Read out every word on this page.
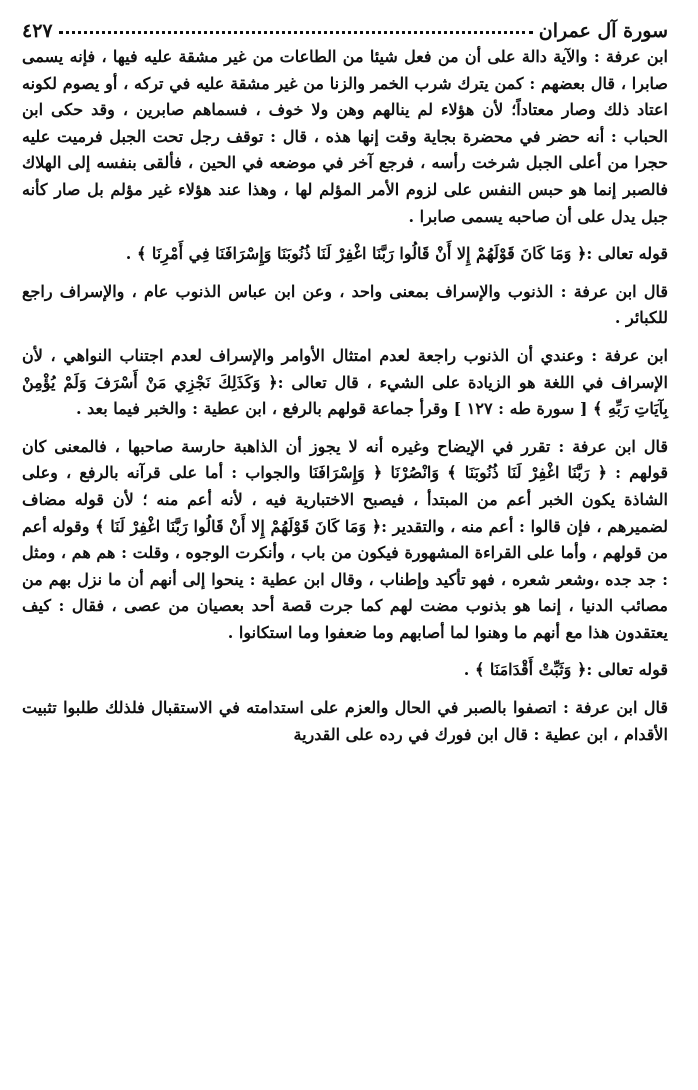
سورة آل عمران
٤٢٧

ابن عرفة : والآية دالة على أن من فعل شيئا من الطاعات من غير مشقة عليه فيها ، فإنه يسمى صابرا ، قال بعضهم : كمن يترك شرب الخمر والزنا من غير مشقة عليه في تركه ، أو يصوم لكونه اعتاد ذلك وصار معتاداً؛ لأن هؤلاء لم ينالهم وهن ولا خوف ، فسماهم صابرين ، وقد حكى ابن الحباب : أنه حضر في محضرة بجاية وقت إنها هذه ، قال : توقف رجل تحت الجبل فرميت عليه حجرا من أعلى الجبل شرخت رأسه ، فرجع آخر في موضعه في الحين ، فألقى بنفسه إلى الهلاك فالصبر إنما هو حبس النفس على لزوم الأمر المؤلم لها ، وهذا عند هؤلاء غير مؤلم بل صار كأنه جبل يدل على أن صاحبه يسمى صابرا .

قوله تعالى :﴿ وَمَا كَانَ قَوْلَهُمْ إِلا أَنْ قَالُوا رَبَّنَا اغْفِرْ لَنَا ذُنُوبَنَا وَإِسْرَافَنَا فِي أَمْرِنَا ﴾ .

قال ابن عرفة : الذنوب والإسراف بمعنى واحد ، وعن ابن عباس الذنوب عام ، والإسراف راجع للكبائر .

ابن عرفة : وعندي أن الذنوب راجعة لعدم امتثال الأوامر والإسراف لعدم اجتناب النواهي ، لأن الإسراف في اللغة هو الزيادة على الشيء ، قال تعالى :﴿ وَكَذَلِكَ نَجْزِي مَنْ أَسْرَفَ وَلَمْ يُؤْمِنْ بِآيَاتِ رَبِّهِ ﴾ [ سورة طه : ١٢٧ ] وقرأ جماعة قولهم بالرفع ، ابن عطية : والخبر فيما بعد .

قال ابن عرفة : تقرر في الإيضاح وغيره أنه لا يجوز أن الذاهبة حارسة صاحبها ، فالمعنى كان قولهم : ﴿ رَبَّنَا اغْفِرْ لَنَا ذُنُوبَنَا ﴾ وَانْصُرْنَا ﴿ وَإِسْرَافَنَا والجواب : أما على قرآنه بالرفع ، وعلى الشاذة يكون الخبر أعم من المبتدأ ، فيصبح الاختبارية فيه ، لأنه أعم منه ؛ لأن قوله مضاف لضميرهم ، فإن قالوا : أعم منه ، والتقدير :﴿ وَمَا كَانَ قَوْلَهُمْ إِلا أَنْ قَالُوا رَبَّنَا اغْفِرْ لَنَا ﴾ وقوله أعم من قولهم ، وأما على القراءة المشهورة فيكون من باب ، وأنكرت الوجوه ، وقلت : هم هم ، ومثل : جد جده ،وشعر شعره ، فهو تأكيد وإطناب ، وقال ابن عطية : ينحوا إلى أنهم أن ما نزل بهم من مصائب الدنيا ، إنما هو بذنوب مضت لهم كما جرت قصة أحد بعصيان من عصى ، فقال : كيف يعتقدون هذا مع أنهم ما وهنوا لما أصابهم وما ضعفوا وما استكانوا .

قوله تعالى :﴿ وَثَبِّتْ أَقْدَامَنَا ﴾ .

قال ابن عرفة : اتصفوا بالصبر في الحال والعزم على استدامته في الاستقبال فلذلك طلبوا تثبيت الأقدام ، ابن عطية : قال ابن فورك في رده على القدرية
